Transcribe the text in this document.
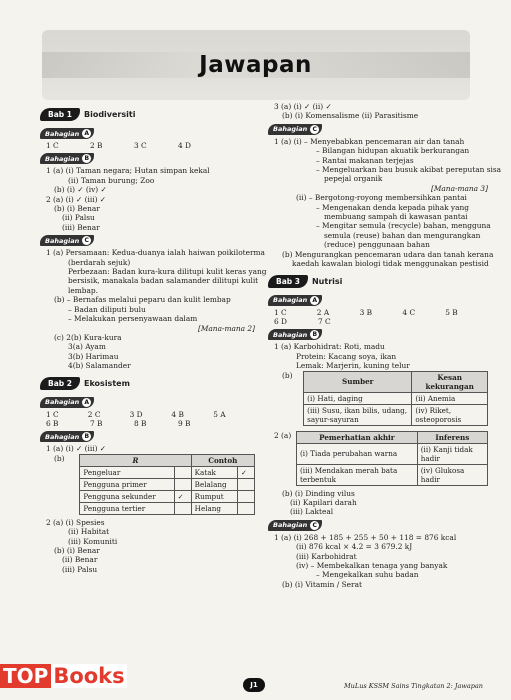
Jawapan
Bab 1	Biodiversiti
Bahagian A
1 C	2 B	3 C	4 D
Bahagian B
1 (a) (i) Taman negara; Hutan simpan kekal
(ii) Taman burung; Zoo
(b) (i) ✓ (iv) ✓
2 (a) (i) ✓ (iii) ✓
(b) (i) Benar
(ii) Palsu
(iii) Benar
Bahagian C
1 (a) Persamaan: Kedua-duanya ialah haiwan poikiloterma
(berdarah sejuk)
Perbezaan: Badan kura-kura dilitupi kulit keras yang
bersisik, manakala badan salamander dilitupi kulit
lembap.
(b) – Bernafas melalui peparu dan kulit lembap
– Badan diliputi bulu
– Melakukan persenyawaan dalam
[Mana-mana 2]
(c) 2(b) Kura-kura
3(a) Ayam
3(b) Harimau
4(b) Salamander
Bab 2	Ekosistem
Bahagian A
1 C	2 C	3 D	4 B	5 A
6 B	7 B	8 B	9 B
Bahagian B
1 (a) (i) ✓ (iii) ✓
(b)	R		Contoh	
Pengeluar		Katak	✓
Pengguna primer		Belalang	
Pengguna sekunder	✓	Rumput	
Pengguna tertier		Helang	
2 (a) (i) Spesies
(ii) Habitat
(iii) Komuniti
(b) (i) Benar
(ii) Benar
(iii) Palsu
3 (a) (i) ✓ (ii) ✓
(b) (i) Komensalisme (ii) Parasitisme
Bahagian C
1 (a) (i) – Menyebabkan pencemaran air dan tanah
– Bilangan hidupan akuatik berkurangan
– Rantai makanan terjejas
– Mengeluarkan bau busuk akibat pereputan sisa
pepejal organik
[Mana-mana 3]
(ii) – Bergotong-royong membersihkan pantai
– Mengenakan denda kepada pihak yang
membuang sampah di kawasan pantai
– Mengitar semula (recycle) bahan, mengguna
semula (reuse) bahan dan mengurangkan
(reduce) penggunaan bahan
(b) Mengurangkan pencemaran udara dan tanah kerana
kaedah kawalan biologi tidak menggunakan pestisid
Bab 3	Nutrisi
Bahagian A
1 C	2 A	3 B	4 C	5 B
6 D	7 C
Bahagian B
1 (a) Karbohidrat: Roti, madu
Protein: Kacang soya, ikan
Lemak: Marjerin, kuning telur
(b)
Sumber	Kesan kekurangan
(i) Hati, daging	(ii) Anemia
(iii) Susu, ikan bilis, udang, sayur-sayuran	(iv) Riket, osteoporosis
2 (a)	Pemerhatian akhir	Inferens
(i) Tiada perubahan warna	(ii) Kanji tidak hadir
(iii) Mendakan merah bata terbentuk	(iv) Glukosa hadir
(b) (i) Dinding vilus
(ii) Kapilari darah
(iii) Lakteal
Bahagian C
1 (a) (i) 268 + 185 + 255 + 50 + 118 = 876 kcal
(ii) 876 kcal × 4.2 = 3 679.2 kJ
(iii) Karbohidrat
(iv) – Membekalkan tenaga yang banyak
– Mengekalkan suhu badan
(b) (i) Vitamin / Serat
TOP Books	J1	MuLus KSSM Sains Tingkatan 2: Jawapan
